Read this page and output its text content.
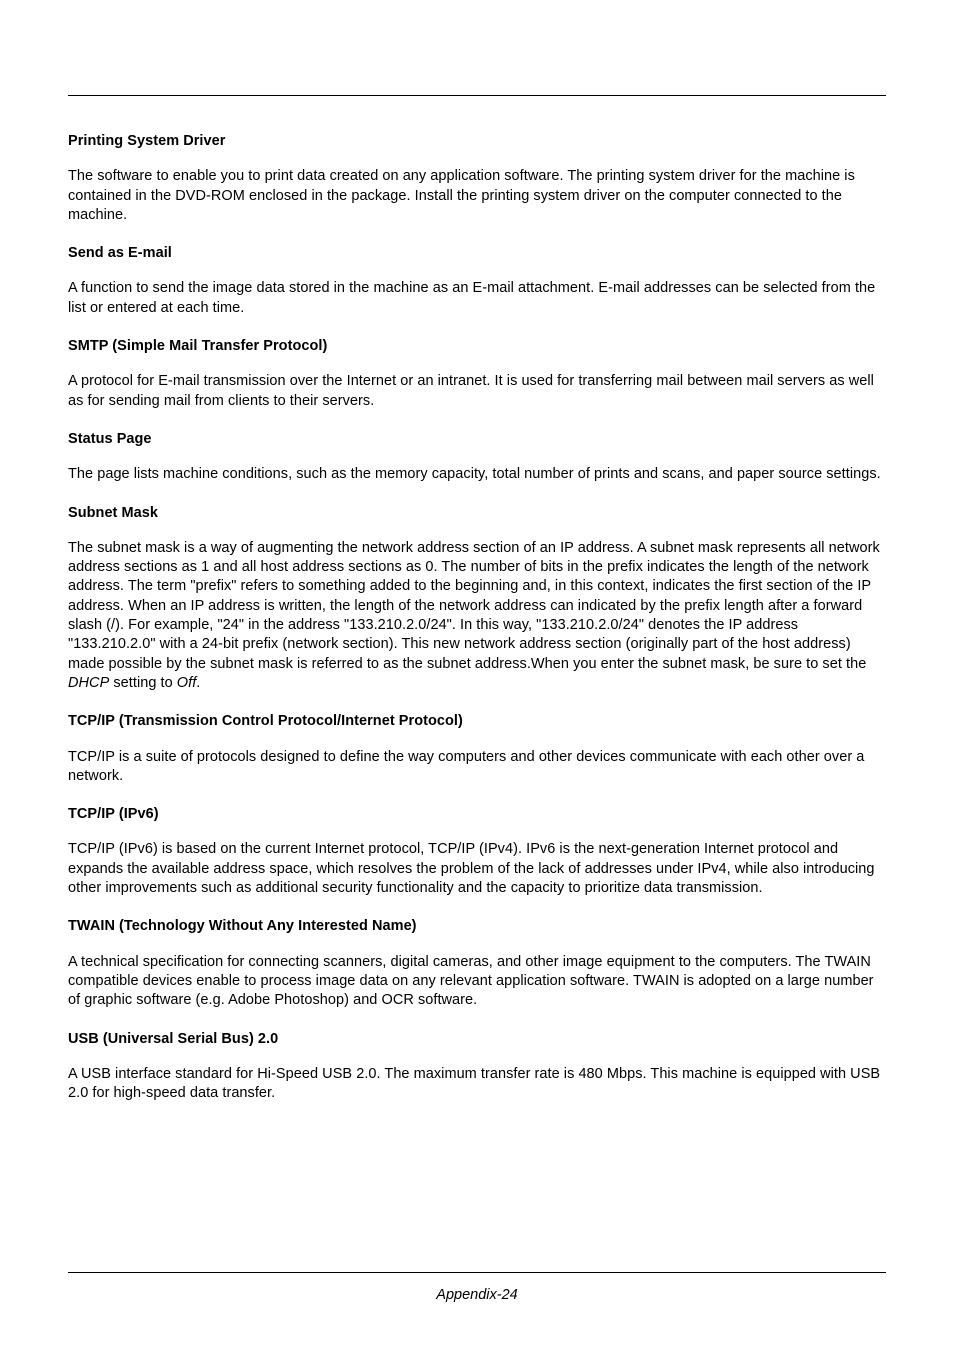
Printing System Driver

The software to enable you to print data created on any application software. The printing system driver for the machine is contained in the DVD-ROM enclosed in the package. Install the printing system driver on the computer connected to the machine.

Send as E-mail

A function to send the image data stored in the machine as an E-mail attachment. E-mail addresses can be selected from the list or entered at each time.

SMTP (Simple Mail Transfer Protocol)

A protocol for E-mail transmission over the Internet or an intranet. It is used for transferring mail between mail servers as well as for sending mail from clients to their servers.

Status Page

The page lists machine conditions, such as the memory capacity, total number of prints and scans, and paper source settings.

Subnet Mask

The subnet mask is a way of augmenting the network address section of an IP address. A subnet mask represents all network address sections as 1 and all host address sections as 0. The number of bits in the prefix indicates the length of the network address. The term "prefix" refers to something added to the beginning and, in this context, indicates the first section of the IP address. When an IP address is written, the length of the network address can indicated by the prefix length after a forward slash (/). For example, "24" in the address "133.210.2.0/24". In this way, "133.210.2.0/24" denotes the IP address "133.210.2.0" with a 24-bit prefix (network section). This new network address section (originally part of the host address) made possible by the subnet mask is referred to as the subnet address.When you enter the subnet mask, be sure to set the DHCP setting to Off.

TCP/IP (Transmission Control Protocol/Internet Protocol)

TCP/IP is a suite of protocols designed to define the way computers and other devices communicate with each other over a network.

TCP/IP (IPv6)

TCP/IP (IPv6) is based on the current Internet protocol, TCP/IP (IPv4). IPv6 is the next-generation Internet protocol and expands the available address space, which resolves the problem of the lack of addresses under IPv4, while also introducing other improvements such as additional security functionality and the capacity to prioritize data transmission.

TWAIN (Technology Without Any Interested Name)

A technical specification for connecting scanners, digital cameras, and other image equipment to the computers. The TWAIN compatible devices enable to process image data on any relevant application software. TWAIN is adopted on a large number of graphic software (e.g. Adobe Photoshop) and OCR software.

USB (Universal Serial Bus) 2.0

A USB interface standard for Hi-Speed USB 2.0. The maximum transfer rate is 480 Mbps. This machine is equipped with USB 2.0 for high-speed data transfer.

Appendix-24
